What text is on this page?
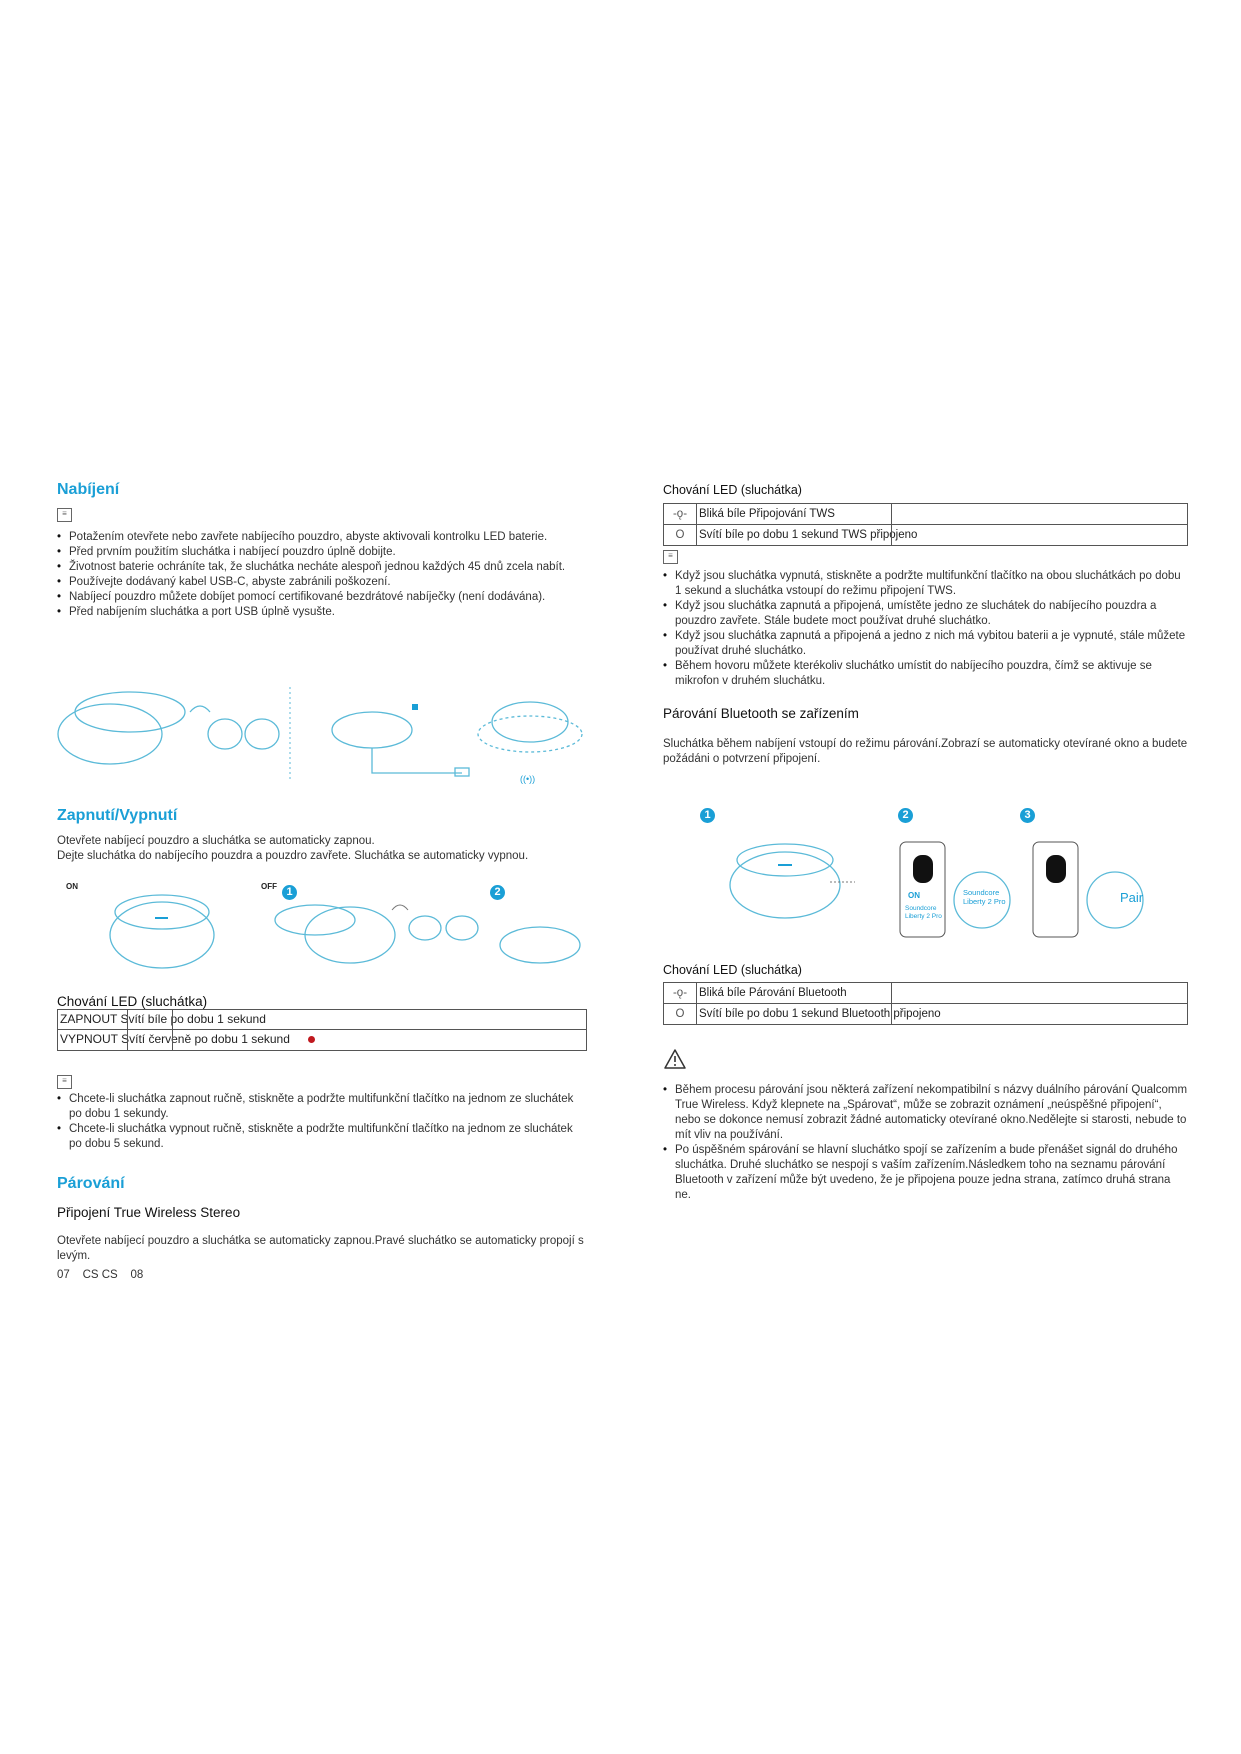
Nabíjení
≡
• Potažením otevřete nebo zavřete nabíjecího pouzdro, abyste aktivovali kontrolku LED baterie.
• Před prvním použitím sluchátka i nabíjecí pouzdro úplně dobijte.
• Životnost baterie ochráníte tak, že sluchátka necháte alespoň jednou každých 45 dnů zcela nabít.
• Používejte dodávaný kabel USB-C, abyste zabránili poškození.
• Nabíjecí pouzdro můžete dobíjet pomocí certifikované bezdrátové nabíječky (není dodávána).
• Před nabíjením sluchátka a port USB úplně vysušte.
((•))
Zapnutí/Vypnutí
Otevřete nabíjecí pouzdro a sluchátka se automaticky zapnou.
Dejte sluchátka do nabíjecího pouzdra a pouzdro zavřete. Sluchátka se automaticky vypnou.
ON	OFF 1	2
Chování LED (sluchátka)
ZAPNOUT Svítí bíle po dobu 1 sekund
VYPNOUT Svítí červeně po dobu 1 sekund
≡
• Chcete-li sluchátka zapnout ručně, stiskněte a podržte multifunkční tlačítko na jednom ze sluchátek po dobu 1 sekundy.
• Chcete-li sluchátka vypnout ručně, stiskněte a podržte multifunkční tlačítko na jednom ze sluchátek po dobu 5 sekund.
Párování
Připojení True Wireless Stereo
Otevřete nabíjecí pouzdro a sluchátka se automaticky zapnou.Pravé sluchátko se automaticky propojí s levým.
07    CS CS    08
Chování LED (sluchátka)
-ǫ-	Bliká bíle Připojování TWS
O	Svítí bíle po dobu 1 sekund TWS připojeno
≡
• Když jsou sluchátka vypnutá, stiskněte a podržte multifunkční tlačítko na obou sluchátkách po dobu 1 sekund a sluchátka vstoupí do režimu připojení TWS.
• Když jsou sluchátka zapnutá a připojená, umístěte jedno ze sluchátek do nabíjecího pouzdra a pouzdro zavřete. Stále budete moct používat druhé sluchátko.
• Když jsou sluchátka zapnutá a připojená a jedno z nich má vybitou baterii a je vypnuté, stále můžete používat druhé sluchátko.
• Během hovoru můžete kterékoliv sluchátko umístit do nabíjecího pouzdra, čímž se aktivuje se mikrofon v druhém sluchátku.
Párování Bluetooth se zařízením
Sluchátka během nabíjení vstoupí do režimu párování.Zobrazí se automaticky otevírané okno a budete požádáni o potvrzení připojení.
1	2	3
ON
Soundcore Liberty 2 Pro
Soundcore Liberty 2 Pro	Pair
Chování LED (sluchátka)
-ǫ-	Bliká bíle Párování Bluetooth
O	Svítí bíle po dobu 1 sekund Bluetooth připojeno
• Během procesu párování jsou některá zařízení nekompatibilní s názvy duálního párování Qualcomm True Wireless. Když klepnete na „Spárovat“, může se zobrazit oznámení „neúspěšné připojení“, nebo se dokonce nemusí zobrazit žádné automaticky otevírané okno.Nedělejte si starosti, nebude to mít vliv na používání.
• Po úspěšném spárování se hlavní sluchátko spojí se zařízením a bude přenášet signál do druhého sluchátka. Druhé sluchátko se nespojí s vaším zařízením.Následkem toho na seznamu párování Bluetooth v zařízení může být uvedeno, že je připojena pouze jedna strana, zatímco druhá strana ne.
